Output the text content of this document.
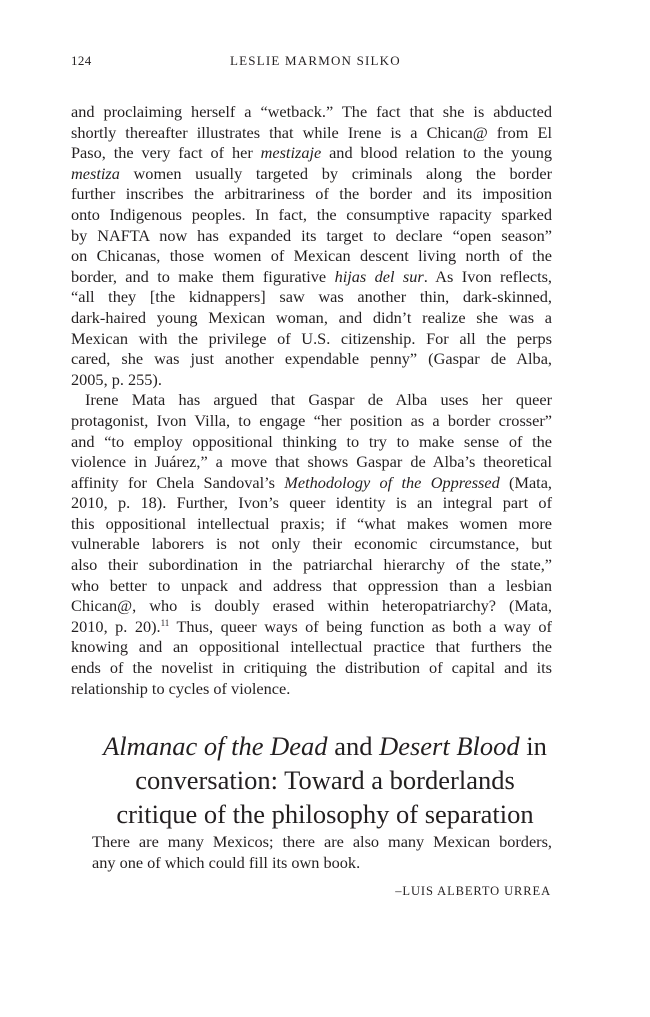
124	LESLIE MARMON SILKO
and proclaiming herself a “wetback.” The fact that she is abducted
shortly thereafter illustrates that while Irene is a Chican@ from El
Paso, the very fact of her mestizaje and blood relation to the young
mestiza women usually targeted by criminals along the border
further inscribes the arbitrariness of the border and its imposition
onto Indigenous peoples. In fact, the consumptive rapacity sparked
by NAFTA now has expanded its target to declare “open season”
on Chicanas, those women of Mexican descent living north of the
border, and to make them figurative hijas del sur. As Ivon reflects,
“all they [the kidnappers] saw was another thin, dark-skinned,
dark-haired young Mexican woman, and didn’t realize she was a
Mexican with the privilege of U.S. citizenship. For all the perps
cared, she was just another expendable penny” (Gaspar de Alba,
2005, p. 255).
Irene Mata has argued that Gaspar de Alba uses her queer
protagonist, Ivon Villa, to engage “her position as a border crosser”
and “to employ oppositional thinking to try to make sense of the
violence in Juárez,” a move that shows Gaspar de Alba’s theoretical
affinity for Chela Sandoval’s Methodology of the Oppressed (Mata,
2010, p. 18). Further, Ivon’s queer identity is an integral part of
this oppositional intellectual praxis; if “what makes women more
vulnerable laborers is not only their economic circumstance, but
also their subordination in the patriarchal hierarchy of the state,”
who better to unpack and address that oppression than a lesbian
Chican@, who is doubly erased within heteropatriarchy? (Mata,
2010, p. 20).$^{11}$ Thus, queer ways of being function as both a way of
knowing and an oppositional intellectual practice that furthers the
ends of the novelist in critiquing the distribution of capital and its
relationship to cycles of violence.
Almanac of the Dead and Desert Blood in
conversation: Toward a borderlands
critique of the philosophy of separation
There are many Mexicos; there are also many Mexican borders,
any one of which could fill its own book.
–LUIS ALBERTO URREA
